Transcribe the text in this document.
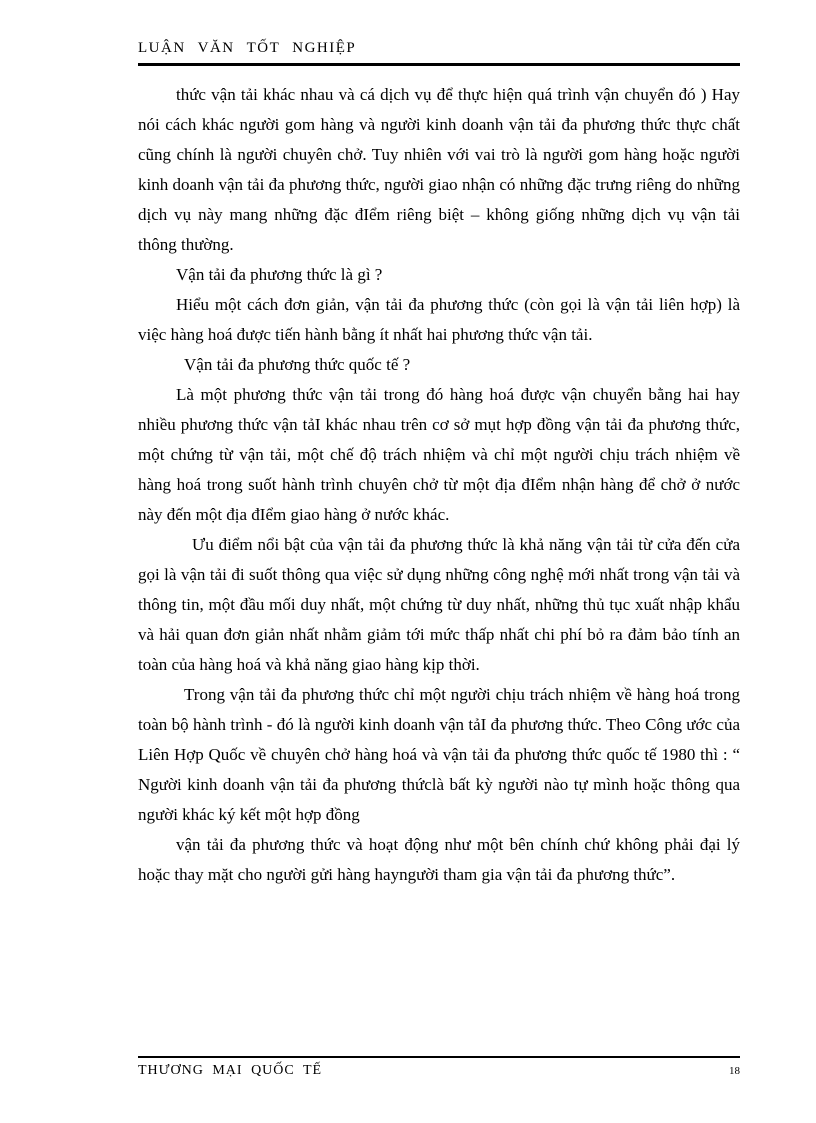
LUẬN VĂN TỐT NGHIỆP

thức vận tải khác nhau và cá dịch vụ để thực hiện quá trình vận chuyển đó ) Hay nói cách khác người gom hàng và người kinh doanh vận tải đa phương thức thực chất cũng chính là người chuyên chở. Tuy nhiên với vai trò là người gom hàng hoặc người kinh doanh vận tải đa phương thức, người giao nhận có những đặc trưng riêng do những dịch vụ này mang những đặc đIểm riêng biệt – không giống những dịch vụ vận tải thông thường.

Vận tải đa phương thức là gì ?

Hiểu một cách đơn giản, vận tải đa phương thức (còn gọi là vận tải liên hợp) là việc hàng hoá được tiến hành bằng ít nhất hai phương thức vận tải.

Vận tải đa phương thức quốc tế ?

Là một phương thức vận tải trong đó hàng hoá được vận chuyển bằng hai hay nhiều phương thức vận tảI khác nhau trên cơ sở mụt hợp đồng vận tải đa phương thức, một chứng từ vận tải, một chế độ trách nhiệm và chỉ một người chịu trách nhiệm về hàng hoá trong suốt hành trình chuyên chở từ một địa đIểm nhận hàng để chở ở nước này đến một địa đIểm giao hàng ở nước khác.

Ưu điểm nổi bật của vận tải đa phương thức là khả năng vận tải từ cửa đến cửa gọi là vận tải đi suốt thông qua việc sử dụng những công nghệ mới nhất trong vận tải và thông tin, một đầu mối duy nhất, một chứng từ duy nhất, những thủ tục xuất nhập khẩu và hải quan đơn giản nhất nhằm giảm tới mức thấp nhất chi phí bỏ ra đảm bảo tính an toàn của hàng hoá và khả năng giao hàng kịp thời.

Trong vận tải đa phương thức chỉ một người chịu trách nhiệm về hàng hoá trong toàn bộ hành trình - đó là người kinh doanh vận tảI đa phương thức. Theo Công ước của Liên Hợp Quốc về chuyên chở hàng hoá và vận tải đa phương thức quốc tế 1980 thì : “ Người kinh doanh vận tải đa phương thứclà bất kỳ người nào tự mình hoặc thông qua người khác ký kết một hợp đồng

vận tải đa phương thức và hoạt động như một bên chính chứ không phải đại lý hoặc thay mặt cho người gửi hàng hayngười tham gia vận tải đa phương thức”.

THƯƠNG MẠI QUỐC TẾ	18
